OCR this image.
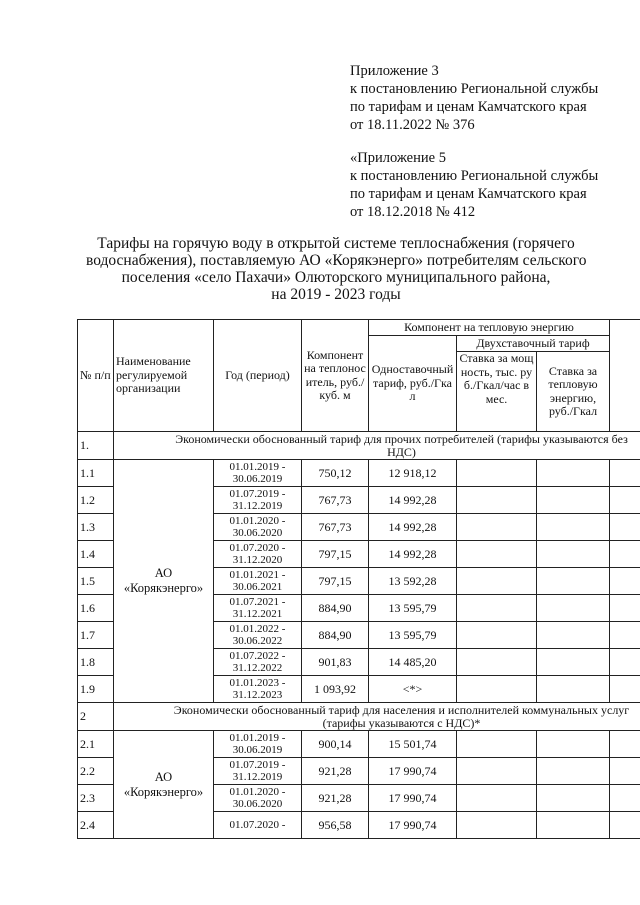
Приложение 3
к постановлению Региональной службы
по тарифам и ценам Камчатского края
от 18.11.2022 № 376
«Приложение 5
к постановлению Региональной службы
по тарифам и ценам Камчатского края
от 18.12.2018 № 412
Тарифы на горячую воду в открытой системе теплоснабжения (горячего
водоснабжения), поставляемую АО «Корякэнерго» потребителям сельского
поселения «село Пахачи» Олюторского муниципального района,
на 2019 - 2023 годы
№ п/п	Наименование регулируемой организации	Год (период)	Компонент на теплоноситель, руб./куб. м	Компонент на тепловую энергию			
				Одноставочный тариф, руб./Гкал	Двухставочный тариф		
					Ставка за мощность, тыс. руб./Гкал/час в мес.	Ставка за тепловую энергию, руб./Гкал	
1.	Экономически обоснованный тариф для прочих потребителей (тарифы указываются без
НДС)						

1.1	АО «Корякэнерго»	01.01.2019 -
30.06.2019	750,12	12 918,12			
1.2		01.07.2019 -
31.12.2019	767,73	14 992,28			
1.3		01.01.2020 -
30.06.2020	767,73	14 992,28			
1.4		01.07.2020 -
31.12.2020	797,15	14 992,28			
1.5		01.01.2021 -
30.06.2021	797,15	13 592,28			
1.6		01.07.2021 -
31.12.2021	884,90	13 595,79			
1.7		01.01.2022 -
30.06.2022	884,90	13 595,79			
1.8		01.07.2022 -
31.12.2022	901,83	14 485,20			
1.9		01.01.2023 -
31.12.2023	1 093,92	<*>			
2	Экономически обоснованный тариф для населения и исполнителей коммунальных услуг
(тарифы указываются с НДС)*						

2.1	АО «Корякэнерго»	01.01.2019 -
30.06.2019	900,14	15 501,74			
2.2		01.07.2019 -
31.12.2019	921,28	17 990,74			
2.3		01.01.2020 -
30.06.2020	921,28	17 990,74			
2.4		01.07.2020 -	956,58	17 990,74			
